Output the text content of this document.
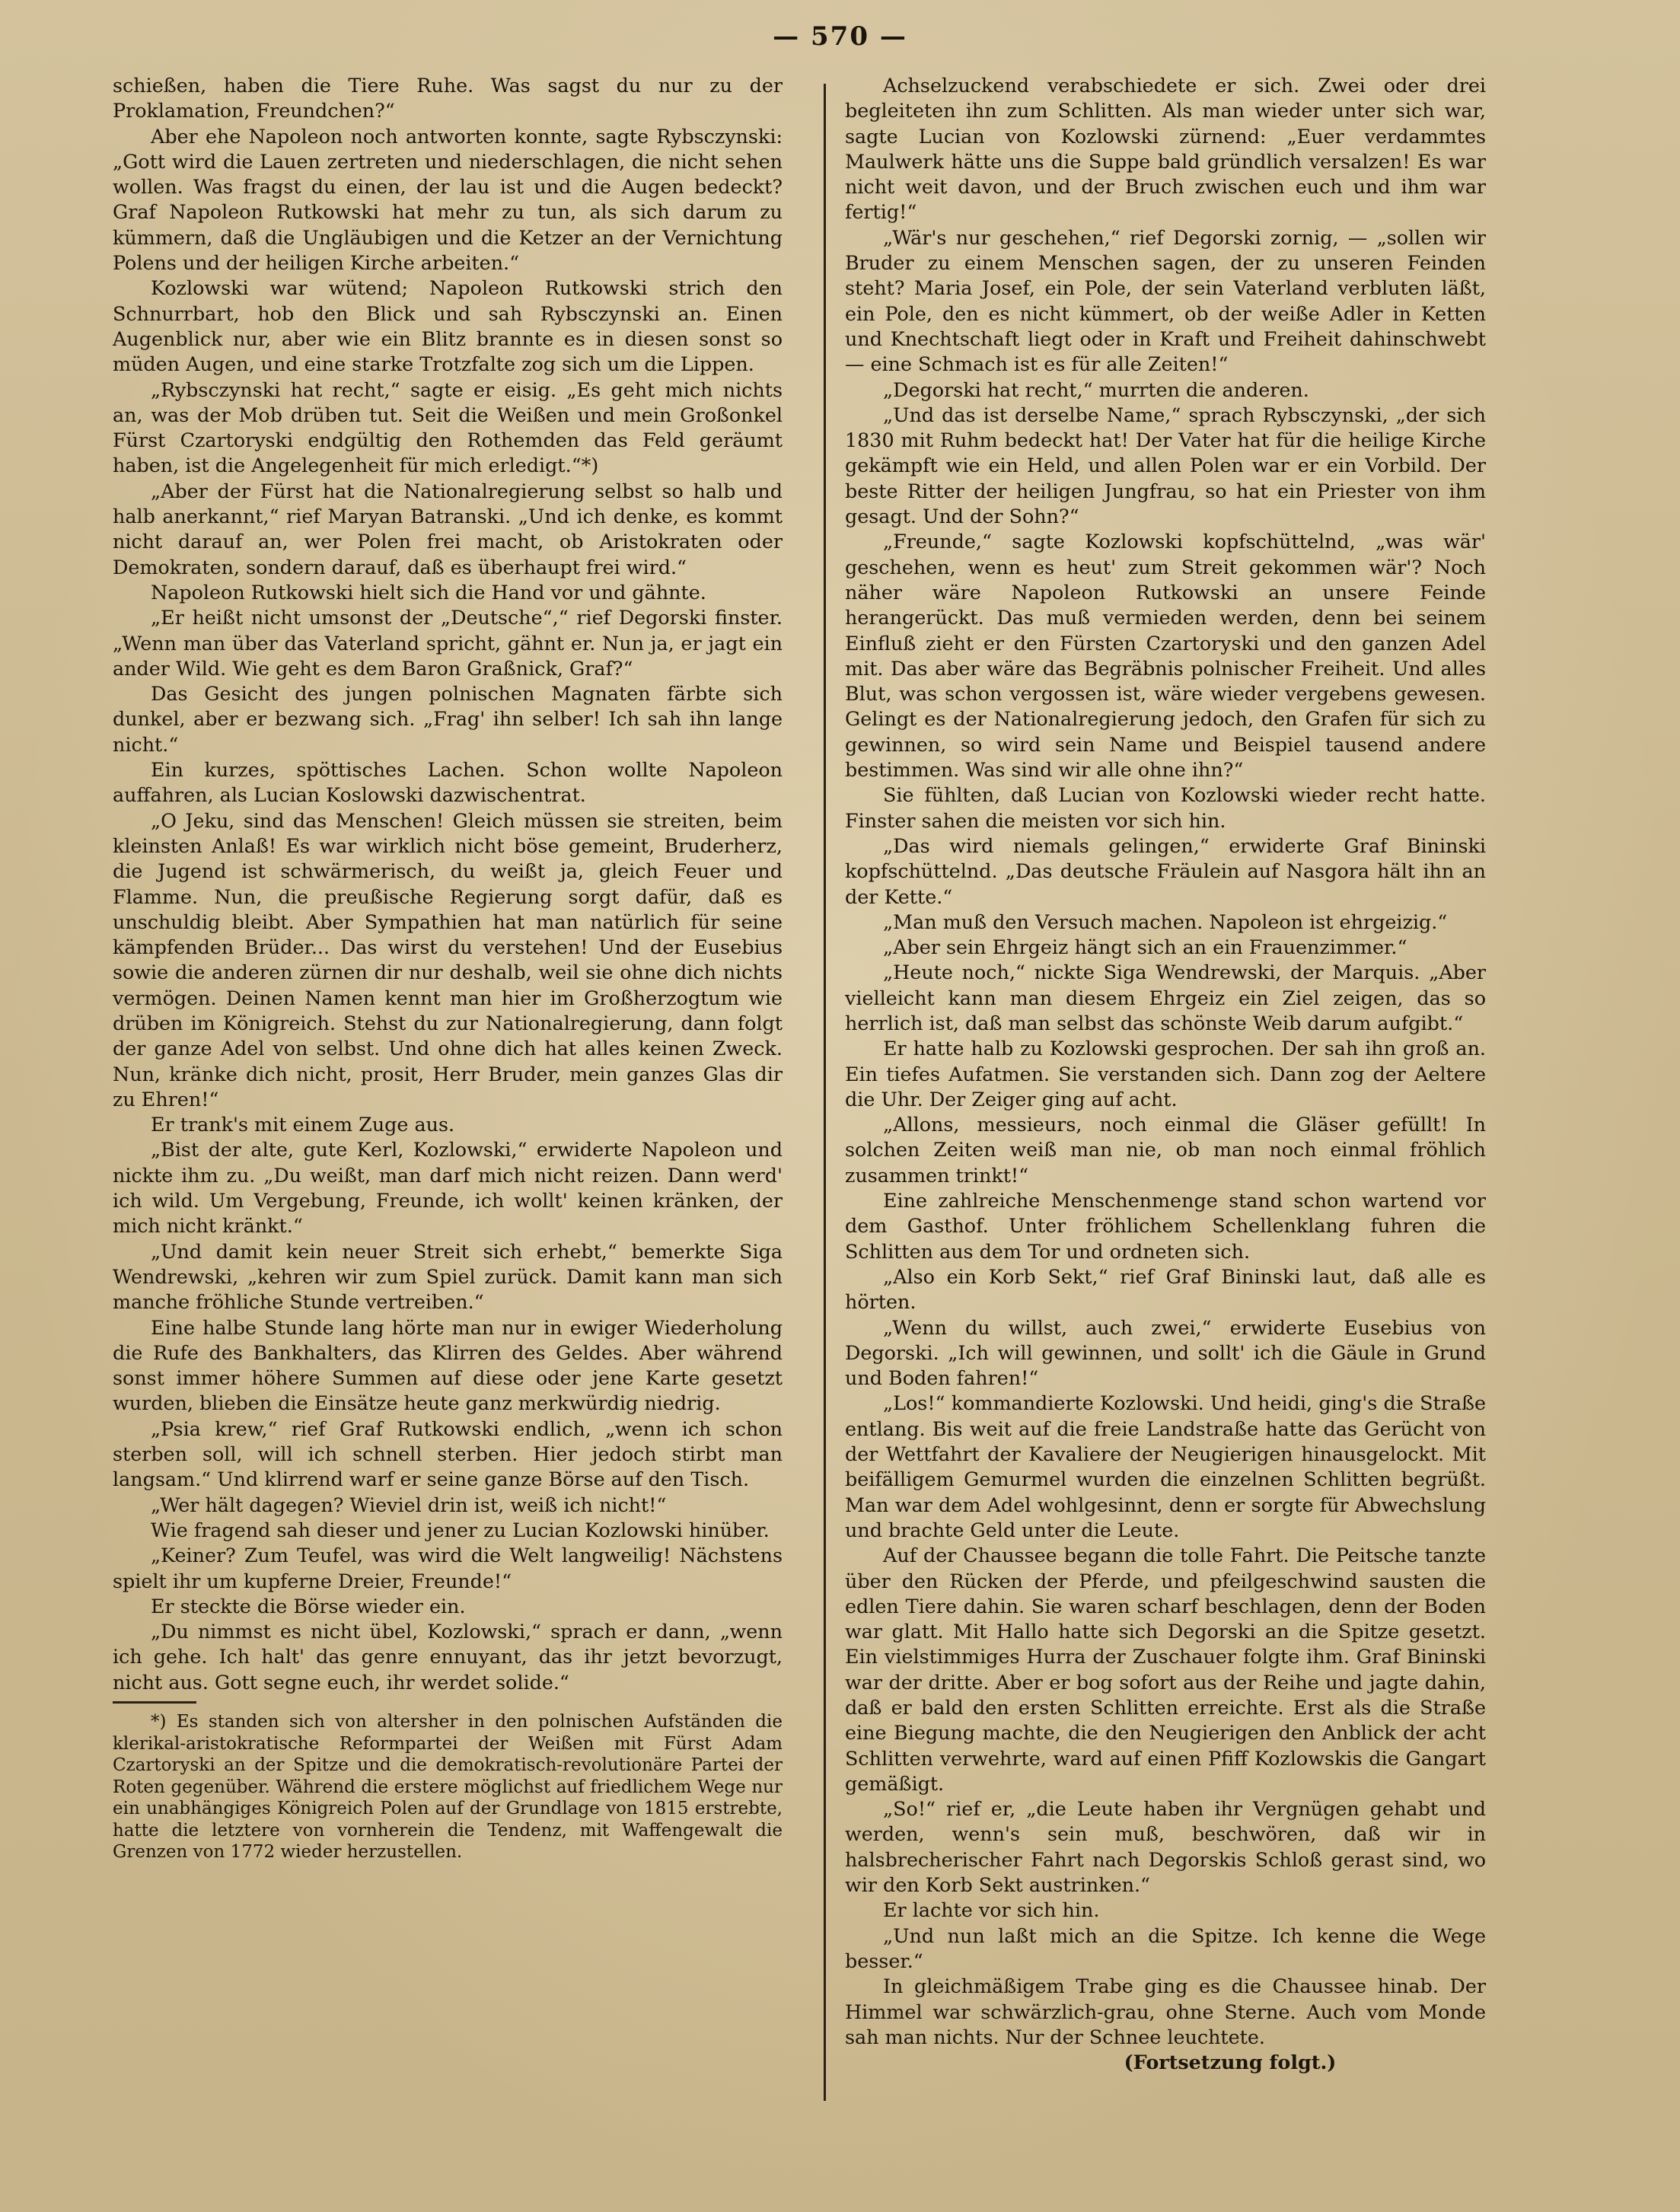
— 570 —

schießen, haben die Tiere Ruhe. Was sagst du nur zu der Proklamation, Freundchen?“

Aber ehe Napoleon noch antworten konnte, sagte Rybsczynski: „Gott wird die Lauen zertreten und niederschlagen, die nicht sehen wollen. Was fragst du einen, der lau ist und die Augen bedeckt? Graf Napoleon Rutkowski hat mehr zu tun, als sich darum zu kümmern, daß die Ungläubigen und die Ketzer an der Vernichtung Polens und der heiligen Kirche arbeiten.“

Kozlowski war wütend; Napoleon Rutkowski strich den Schnurrbart, hob den Blick und sah Rybsczynski an. Einen Augenblick nur, aber wie ein Blitz brannte es in diesen sonst so müden Augen, und eine starke Trotzfalte zog sich um die Lippen.

„Rybsczynski hat recht,“ sagte er eisig. „Es geht mich nichts an, was der Mob drüben tut. Seit die Weißen und mein Großonkel Fürst Czartoryski endgültig den Rothemden das Feld geräumt haben, ist die Angelegenheit für mich erledigt.“*)

„Aber der Fürst hat die Nationalregierung selbst so halb und halb anerkannt,“ rief Maryan Batranski. „Und ich denke, es kommt nicht darauf an, wer Polen frei macht, ob Aristokraten oder Demokraten, sondern darauf, daß es überhaupt frei wird.“

Napoleon Rutkowski hielt sich die Hand vor und gähnte.

„Er heißt nicht umsonst der „Deutsche“,“ rief Degorski finster. „Wenn man über das Vaterland spricht, gähnt er. Nun ja, er jagt ein ander Wild. Wie geht es dem Baron Graßnick, Graf?“

Das Gesicht des jungen polnischen Magnaten färbte sich dunkel, aber er bezwang sich. „Frag' ihn selber! Ich sah ihn lange nicht.“

Ein kurzes, spöttisches Lachen. Schon wollte Napoleon auffahren, als Lucian Koslowski dazwischentrat.

„O Jeku, sind das Menschen! Gleich müssen sie streiten, beim kleinsten Anlaß! Es war wirklich nicht böse gemeint, Bruderherz, die Jugend ist schwärmerisch, du weißt ja, gleich Feuer und Flamme. Nun, die preußische Regierung sorgt dafür, daß es unschuldig bleibt. Aber Sympathien hat man natürlich für seine kämpfenden Brüder... Das wirst du verstehen! Und der Eusebius sowie die anderen zürnen dir nur deshalb, weil sie ohne dich nichts vermögen. Deinen Namen kennt man hier im Großherzogtum wie drüben im Königreich. Stehst du zur Nationalregierung, dann folgt der ganze Adel von selbst. Und ohne dich hat alles keinen Zweck. Nun, kränke dich nicht, prosit, Herr Bruder, mein ganzes Glas dir zu Ehren!“

Er trank's mit einem Zuge aus.

„Bist der alte, gute Kerl, Kozlowski,“ erwiderte Napoleon und nickte ihm zu. „Du weißt, man darf mich nicht reizen. Dann werd' ich wild. Um Vergebung, Freunde, ich wollt' keinen kränken, der mich nicht kränkt.“

„Und damit kein neuer Streit sich erhebt,“ bemerkte Siga Wendrewski, „kehren wir zum Spiel zurück. Damit kann man sich manche fröhliche Stunde vertreiben.“

Eine halbe Stunde lang hörte man nur in ewiger Wiederholung die Rufe des Bankhalters, das Klirren des Geldes. Aber während sonst immer höhere Summen auf diese oder jene Karte gesetzt wurden, blieben die Einsätze heute ganz merkwürdig niedrig.

„Psia krew,“ rief Graf Rutkowski endlich, „wenn ich schon sterben soll, will ich schnell sterben. Hier jedoch stirbt man langsam.“ Und klirrend warf er seine ganze Börse auf den Tisch.

„Wer hält dagegen? Wieviel drin ist, weiß ich nicht!“

Wie fragend sah dieser und jener zu Lucian Kozlowski hinüber.

„Keiner? Zum Teufel, was wird die Welt langweilig! Nächstens spielt ihr um kupferne Dreier, Freunde!“

Er steckte die Börse wieder ein.

„Du nimmst es nicht übel, Kozlowski,“ sprach er dann, „wenn ich gehe. Ich halt' das genre ennuyant, das ihr jetzt bevorzugt, nicht aus. Gott segne euch, ihr werdet solide.“

*) Es standen sich von altersher in den polnischen Aufständen die klerikal-aristokratische Reformpartei der Weißen mit Fürst Adam Czartoryski an der Spitze und die demokratisch-revolutionäre Partei der Roten gegenüber. Während die erstere möglichst auf friedlichem Wege nur ein unabhängiges Königreich Polen auf der Grundlage von 1815 erstrebte, hatte die letztere von vornherein die Tendenz, mit Waffengewalt die Grenzen von 1772 wieder herzustellen.

Achselzuckend verabschiedete er sich. Zwei oder drei begleiteten ihn zum Schlitten. Als man wieder unter sich war, sagte Lucian von Kozlowski zürnend: „Euer verdammtes Maulwerk hätte uns die Suppe bald gründlich versalzen! Es war nicht weit davon, und der Bruch zwischen euch und ihm war fertig!“

„Wär's nur geschehen,“ rief Degorski zornig, — „sollen wir Bruder zu einem Menschen sagen, der zu unseren Feinden steht? Maria Josef, ein Pole, der sein Vaterland verbluten läßt, ein Pole, den es nicht kümmert, ob der weiße Adler in Ketten und Knechtschaft liegt oder in Kraft und Freiheit dahinschwebt — eine Schmach ist es für alle Zeiten!“

„Degorski hat recht,“ murrten die anderen.

„Und das ist derselbe Name,“ sprach Rybsczynski, „der sich 1830 mit Ruhm bedeckt hat! Der Vater hat für die heilige Kirche gekämpft wie ein Held, und allen Polen war er ein Vorbild. Der beste Ritter der heiligen Jungfrau, so hat ein Priester von ihm gesagt. Und der Sohn?“

„Freunde,“ sagte Kozlowski kopfschüttelnd, „was wär' geschehen, wenn es heut' zum Streit gekommen wär'? Noch näher wäre Napoleon Rutkowski an unsere Feinde herangerückt. Das muß vermieden werden, denn bei seinem Einfluß zieht er den Fürsten Czartoryski und den ganzen Adel mit. Das aber wäre das Begräbnis polnischer Freiheit. Und alles Blut, was schon vergossen ist, wäre wieder vergebens gewesen. Gelingt es der Nationalregierung jedoch, den Grafen für sich zu gewinnen, so wird sein Name und Beispiel tausend andere bestimmen. Was sind wir alle ohne ihn?“

Sie fühlten, daß Lucian von Kozlowski wieder recht hatte. Finster sahen die meisten vor sich hin.

„Das wird niemals gelingen,“ erwiderte Graf Bininski kopfschüttelnd. „Das deutsche Fräulein auf Nasgora hält ihn an der Kette.“

„Man muß den Versuch machen. Napoleon ist ehrgeizig.“

„Aber sein Ehrgeiz hängt sich an ein Frauenzimmer.“

„Heute noch,“ nickte Siga Wendrewski, der Marquis. „Aber vielleicht kann man diesem Ehrgeiz ein Ziel zeigen, das so herrlich ist, daß man selbst das schönste Weib darum aufgibt.“

Er hatte halb zu Kozlowski gesprochen. Der sah ihn groß an. Ein tiefes Aufatmen. Sie verstanden sich. Dann zog der Aeltere die Uhr. Der Zeiger ging auf acht.

„Allons, messieurs, noch einmal die Gläser gefüllt! In solchen Zeiten weiß man nie, ob man noch einmal fröhlich zusammen trinkt!“

Eine zahlreiche Menschenmenge stand schon wartend vor dem Gasthof. Unter fröhlichem Schellenklang fuhren die Schlitten aus dem Tor und ordneten sich.

„Also ein Korb Sekt,“ rief Graf Bininski laut, daß alle es hörten.

„Wenn du willst, auch zwei,“ erwiderte Eusebius von Degorski. „Ich will gewinnen, und sollt' ich die Gäule in Grund und Boden fahren!“

„Los!“ kommandierte Kozlowski. Und heidi, ging's die Straße entlang. Bis weit auf die freie Landstraße hatte das Gerücht von der Wettfahrt der Kavaliere der Neugierigen hinausgelockt. Mit beifälligem Gemurmel wurden die einzelnen Schlitten begrüßt. Man war dem Adel wohlgesinnt, denn er sorgte für Abwechslung und brachte Geld unter die Leute.

Auf der Chaussee begann die tolle Fahrt. Die Peitsche tanzte über den Rücken der Pferde, und pfeilgeschwind sausten die edlen Tiere dahin. Sie waren scharf beschlagen, denn der Boden war glatt. Mit Hallo hatte sich Degorski an die Spitze gesetzt. Ein vielstimmiges Hurra der Zuschauer folgte ihm. Graf Bininski war der dritte. Aber er bog sofort aus der Reihe und jagte dahin, daß er bald den ersten Schlitten erreichte. Erst als die Straße eine Biegung machte, die den Neugierigen den Anblick der acht Schlitten verwehrte, ward auf einen Pfiff Kozlowskis die Gangart gemäßigt.

„So!“ rief er, „die Leute haben ihr Vergnügen gehabt und werden, wenn's sein muß, beschwören, daß wir in halsbrecherischer Fahrt nach Degorskis Schloß gerast sind, wo wir den Korb Sekt austrinken.“

Er lachte vor sich hin.

„Und nun laßt mich an die Spitze. Ich kenne die Wege besser.“

In gleichmäßigem Trabe ging es die Chaussee hinab. Der Himmel war schwärzlich-grau, ohne Sterne. Auch vom Monde sah man nichts. Nur der Schnee leuchtete.

(Fortsetzung folgt.)
